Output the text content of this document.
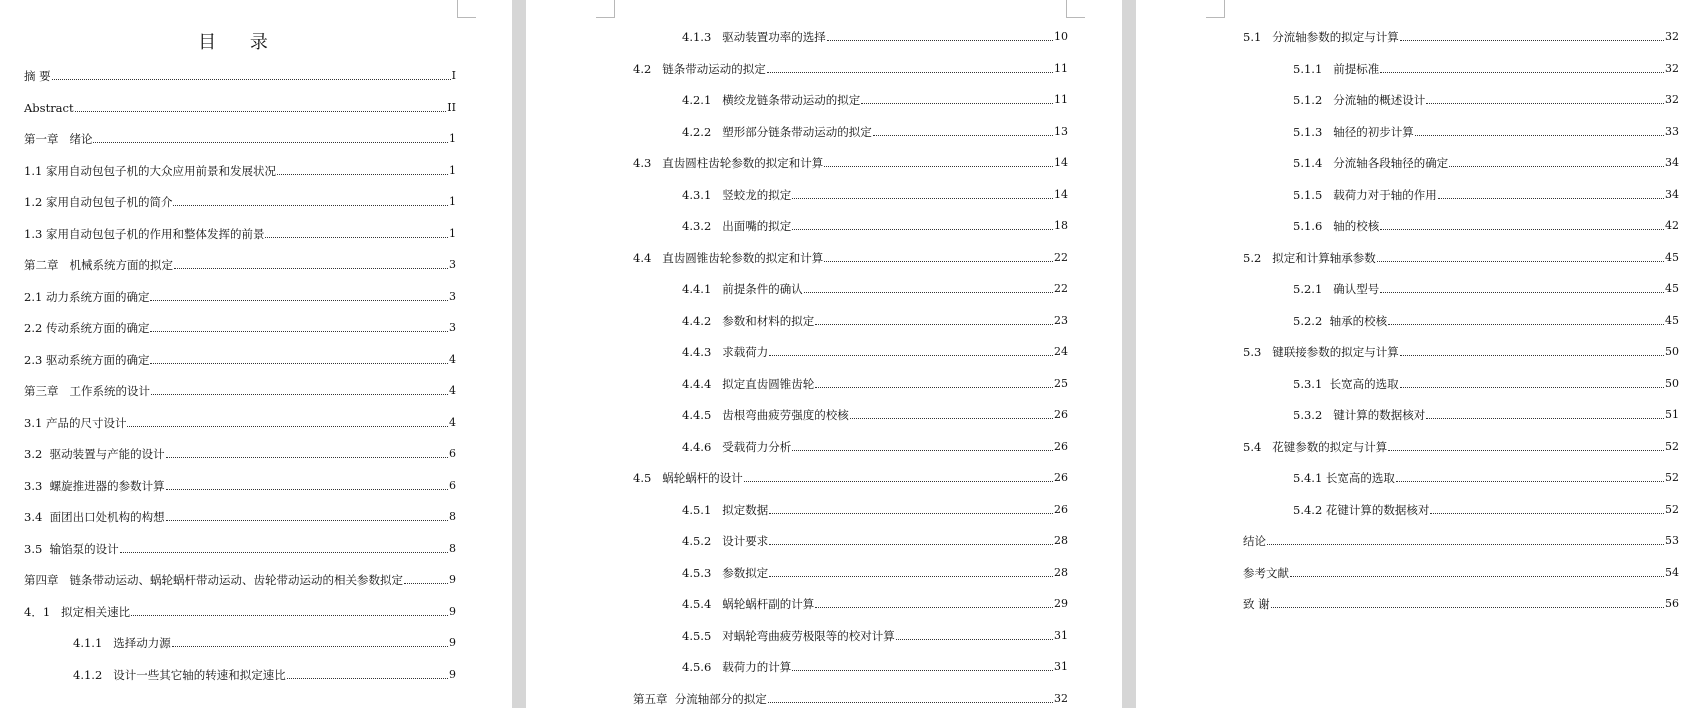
目 录
摘 要	I
Abstract	II
第一章 绪论	1
1.1 家用自动包包子机的大众应用前景和发展状况	1
1.2 家用自动包包子机的简介	1
1.3 家用自动包包子机的作用和整体发挥的前景	1
第二章 机械系统方面的拟定	3
2.1 动力系统方面的确定	3
2.2 传动系统方面的确定	3
2.3 驱动系统方面的确定	4
第三章 工作系统的设计	4
3.1 产品的尺寸设计	4
3.2 驱动装置与产能的设计	6
3.3 螺旋推进器的参数计算	6
3.4 面团出口处机构的构想	8
3.5 输馅泵的设计	8
第四章 链条带动运动、蜗轮蜗杆带动运动、齿轮带动运动的相关参数拟定	9
4．1 拟定相关速比	9
4.1.1 选择动力源	9
4.1.2 设计一些其它轴的转速和拟定速比	9
4.1.3 驱动装置功率的选择	10
4.2 链条带动运动的拟定	11
4.2.1 横绞龙链条带动运动的拟定	11
4.2.2 塑形部分链条带动运动的拟定	13
4.3 直齿圆柱齿轮参数的拟定和计算	14
4.3.1 竖蛟龙的拟定	14
4.3.2 出面嘴的拟定	18
4.4 直齿圆锥齿轮参数的拟定和计算	22
4.4.1 前提条件的确认	22
4.4.2 参数和材料的拟定	23
4.4.3 求载荷力	24
4.4.4 拟定直齿圆锥齿轮	25
4.4.5 齿根弯曲疲劳强度的校核	26
4.4.6 受载荷力分析	26
4.5 蜗轮蜗杆的设计	26
4.5.1 拟定数据	26
4.5.2 设计要求	28
4.5.3 参数拟定	28
4.5.4 蜗轮蜗杆副的计算	29
4.5.5 对蜗轮弯曲疲劳极限等的校对计算	31
4.5.6 载荷力的计算	31
第五章 分流轴部分的拟定	32
5.1 分流轴参数的拟定与计算	32
5.1.1 前提标准	32
5.1.2 分流轴的概述设计	32
5.1.3 轴径的初步计算	33
5.1.4 分流轴各段轴径的确定	34
5.1.5 载荷力对于轴的作用	34
5.1.6 轴的校核	42
5.2 拟定和计算轴承参数	45
5.2.1 确认型号	45
5.2.2 轴承的校核	45
5.3 键联接参数的拟定与计算	50
5.3.1 长宽高的选取	50
5.3.2 键计算的数据核对	51
5.4 花键参数的拟定与计算	52
5.4.1 长宽高的选取	52
5.4.2 花键计算的数据核对	52
结论	53
参考文献	54
致 谢	56
